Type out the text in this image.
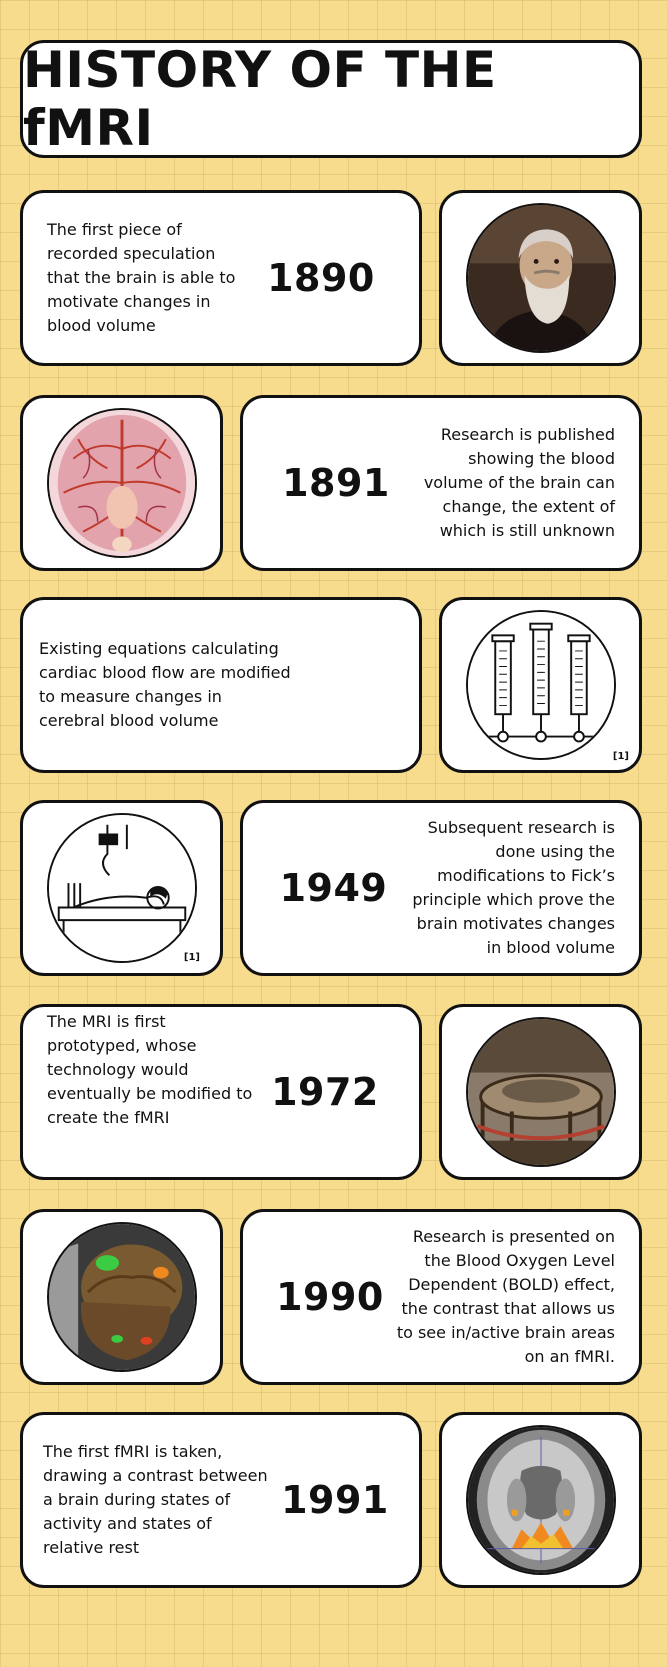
HISTORY OF THE fMRI
The first piece of recorded speculation that the brain is able to motivate changes in blood volume
1890
1891
Research is published showing the blood volume of the brain can change, the extent of which is still unknown
Existing equations calculating cardiac blood flow are modified to measure changes in cerebral blood volume
[1]
[1]
1949
Subsequent research is done using the modifications to Fick’s principle which prove the brain motivates changes in blood volume
The MRI is first prototyped, whose technology would eventually be modified to create the fMRI
1972
1990
Research is presented on the Blood Oxygen Level Dependent (BOLD) effect, the contrast that allows us to see in/active brain areas on an fMRI.
The first fMRI is taken, drawing a contrast between a brain during states of activity and states of relative rest
1991
